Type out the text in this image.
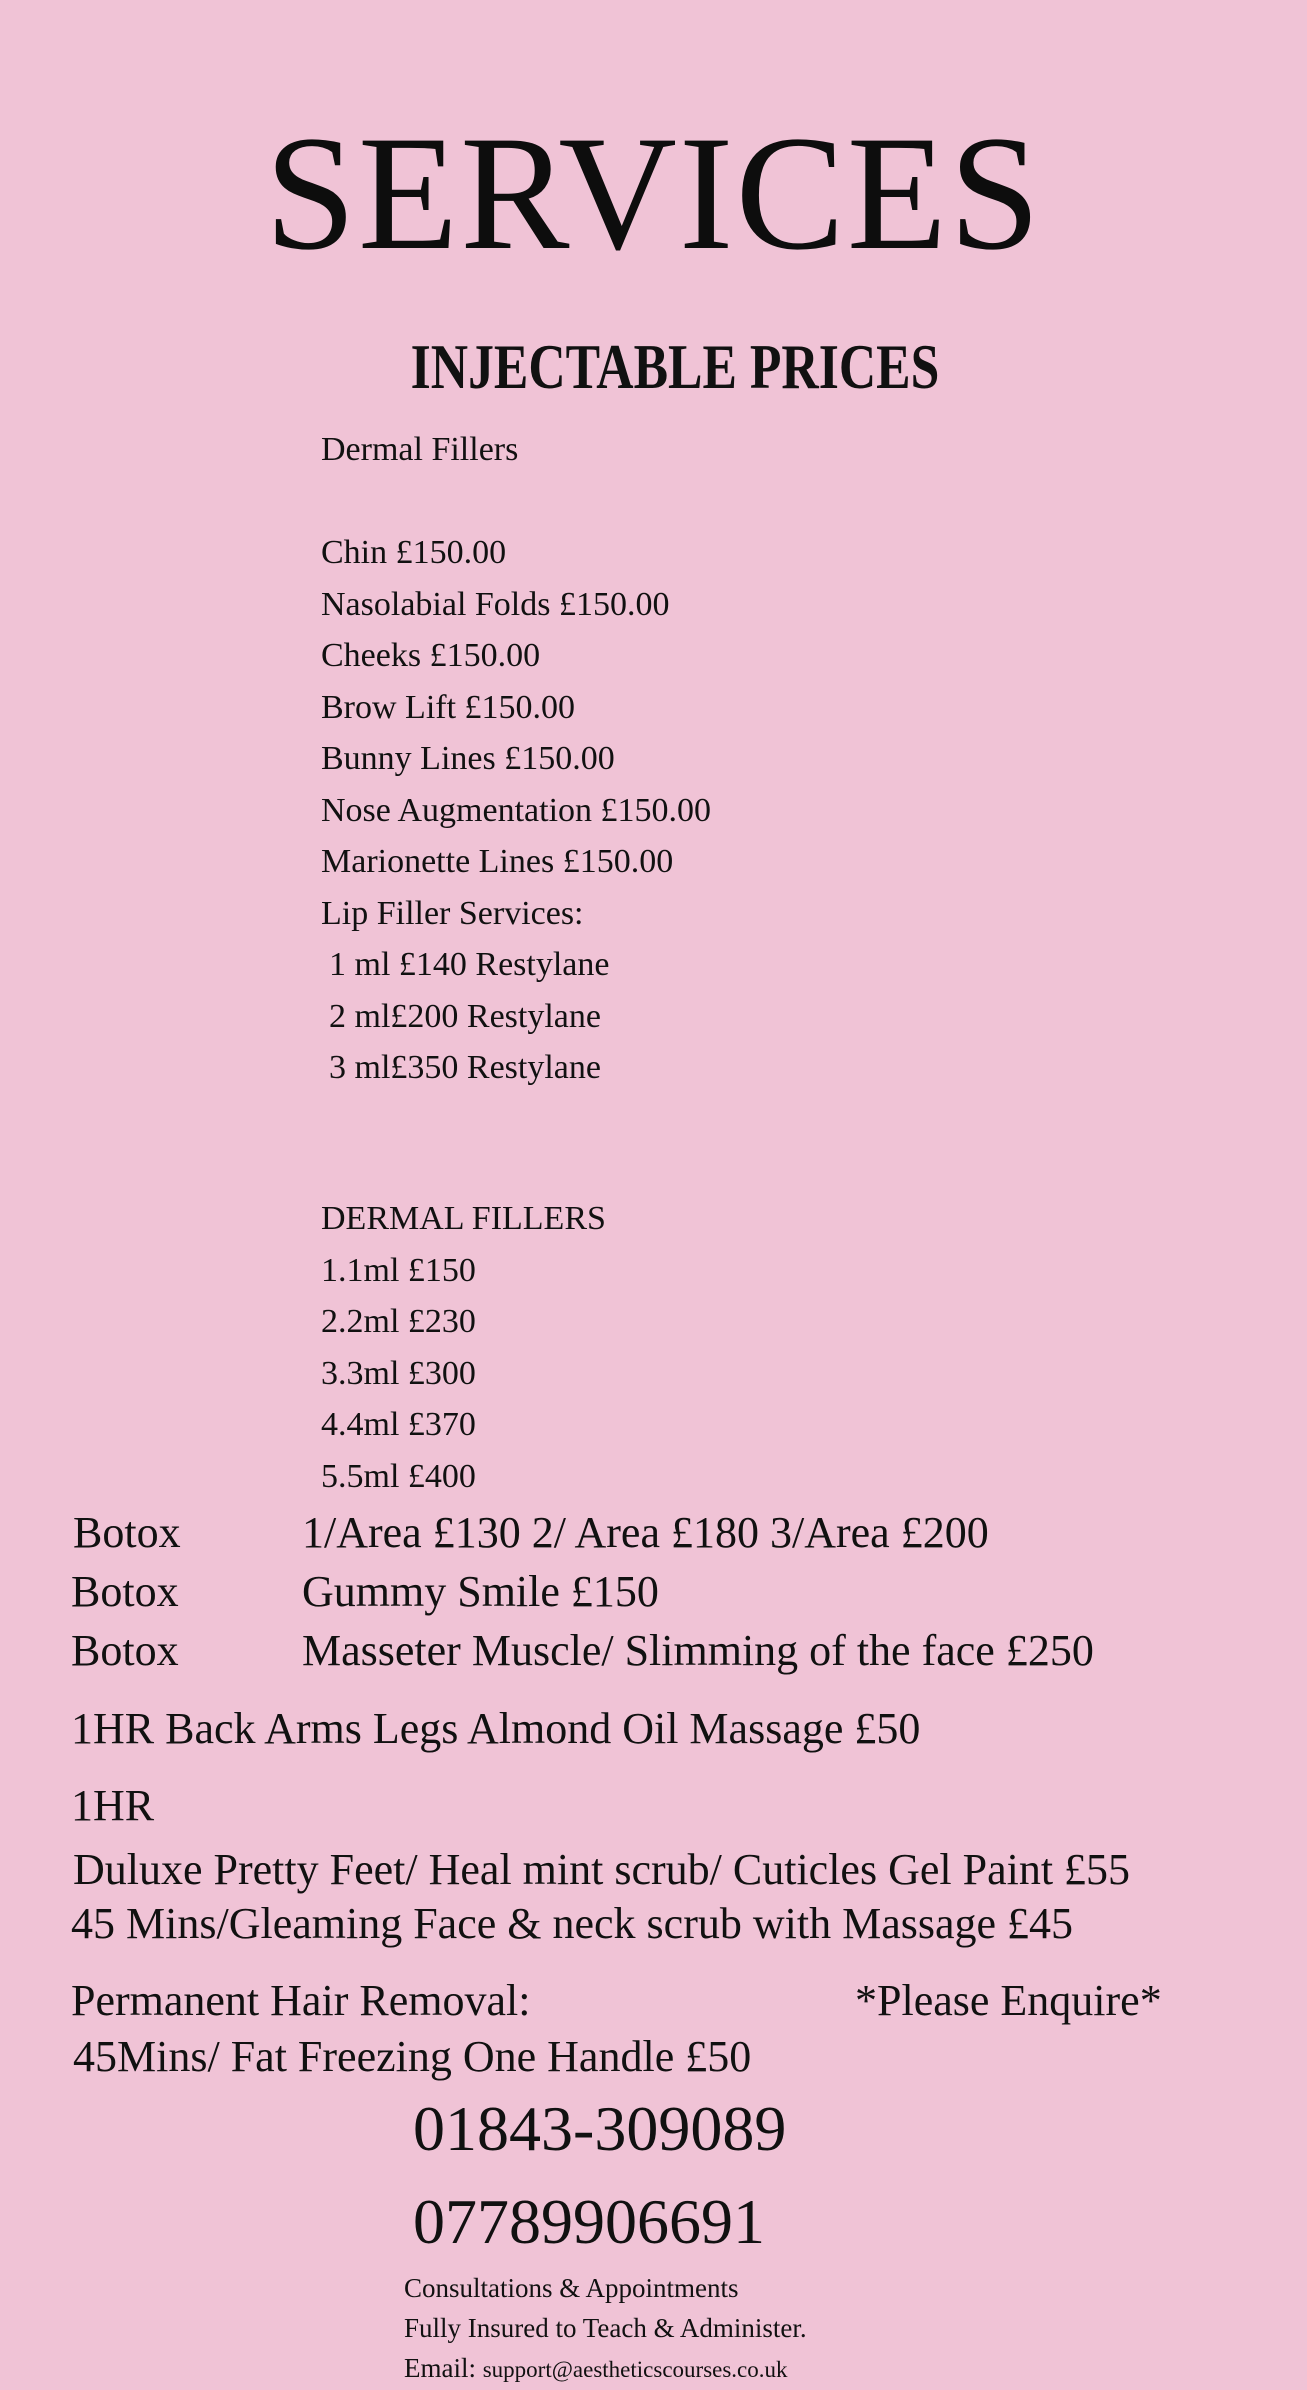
SERVICES
INJECTABLE PRICES
Dermal Fillers
Chin £150.00
Nasolabial Folds £150.00
Cheeks £150.00
Brow Lift £150.00
Bunny Lines £150.00
Nose Augmentation £150.00
Marionette Lines £150.00
Lip Filler Services:
1 ml £140 Restylane
2 ml£200 Restylane
3 ml£350 Restylane
DERMAL FILLERS
1.1ml £150
2.2ml £230
3.3ml £300
4.4ml £370
5.5ml £400
Botox	1/Area £130 2/ Area £180 3/Area £200
Botox	Gummy Smile £150
Botox	Masseter Muscle/ Slimming of the face £250
1HR Back Arms Legs Almond Oil Massage £50
1HR
Duluxe Pretty Feet/ Heal mint scrub/ Cuticles Gel Paint £55
45 Mins/Gleaming Face & neck scrub with Massage £45
Permanent Hair Removal:	*Please Enquire*
45Mins/ Fat Freezing One Handle £50
01843-309089
07789906691
Consultations & Appointments
Fully Insured to Teach & Administer.
Email: support@aestheticscourses.co.uk
